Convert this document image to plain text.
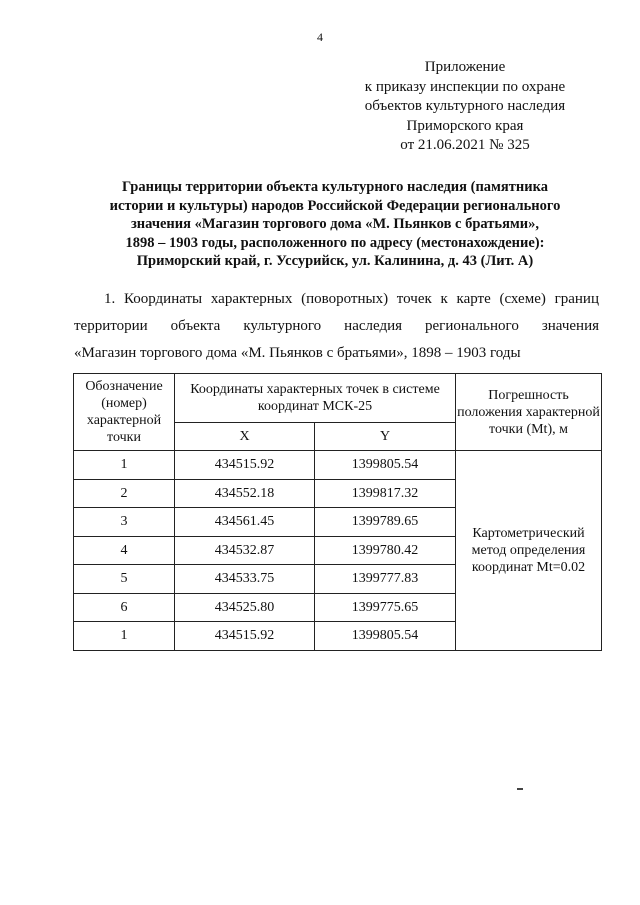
4
Приложение
к приказу инспекции по охране
объектов культурного наследия
Приморского края
от 21.06.2021 № 325
Границы территории объекта культурного наследия (памятника
истории и культуры) народов Российской Федерации регионального
значения «Магазин торгового дома «М. Пьянков с братьями»,
1898 – 1903 годы, расположенного по адресу (местонахождение):
Приморский край, г. Уссурийск, ул. Калинина, д. 43 (Лит. А)
1. Координаты характерных (поворотных) точек к карте (схеме) границ
территории объекта культурного наследия регионального значения
«Магазин торгового дома «М. Пьянков с братьями», 1898 – 1903 годы
Обозначение (номер) характерной точки	Координаты характерных точек в системе координат МСК-25		Погрешность положения характерной точки (Mt), м
	X	Y	
1	434515.92	1399805.54	Картометрический метод определения координат Mt=0.02
2	434552.18	1399817.32	
3	434561.45	1399789.65	
4	434532.87	1399780.42	
5	434533.75	1399777.83	
6	434525.80	1399775.65	
1	434515.92	1399805.54	
